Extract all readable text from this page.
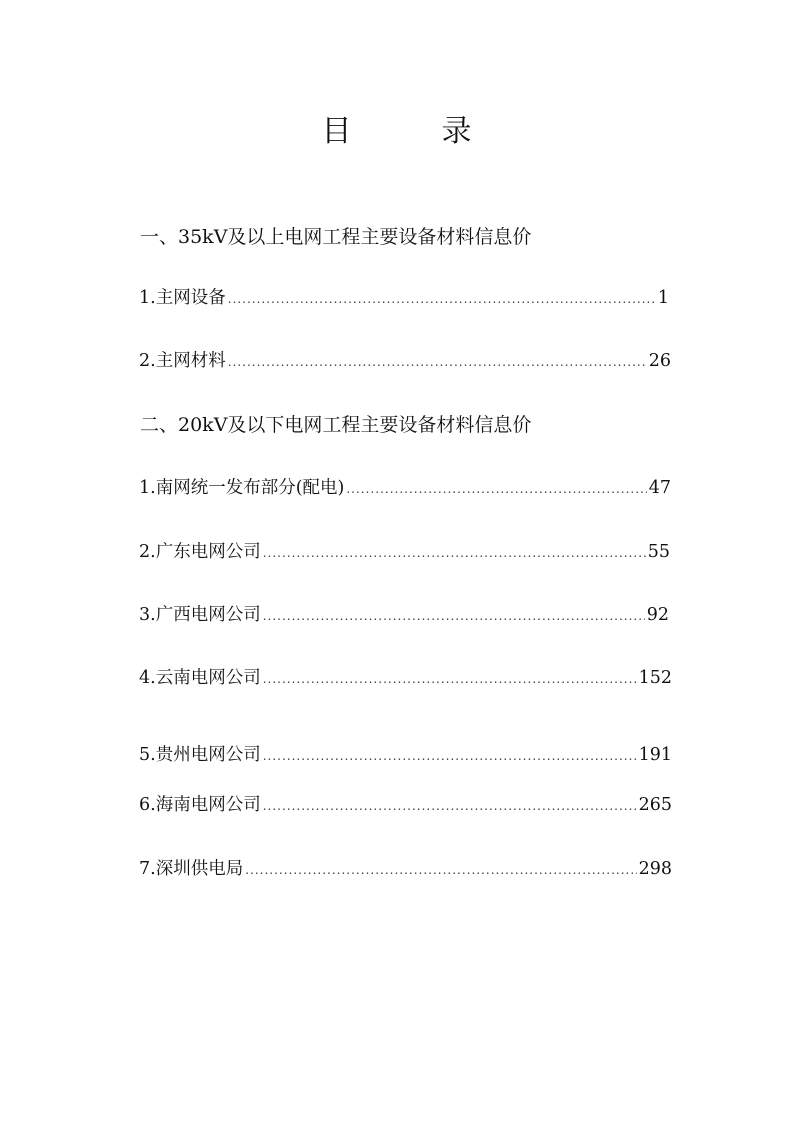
目　录
一、35kV及以上电网工程主要设备材料信息价
1.主网设备 .....	1
2.主网材料 .....	26
二、20kV及以下电网工程主要设备材料信息价
1.南网统一发布部分(配电) .....	47
2.广东电网公司 .....	55
3.广西电网公司 .....	92
4.云南电网公司 .....	152
5.贵州电网公司 .....	191
6.海南电网公司 .....	265
7.深圳供电局 .....	298
